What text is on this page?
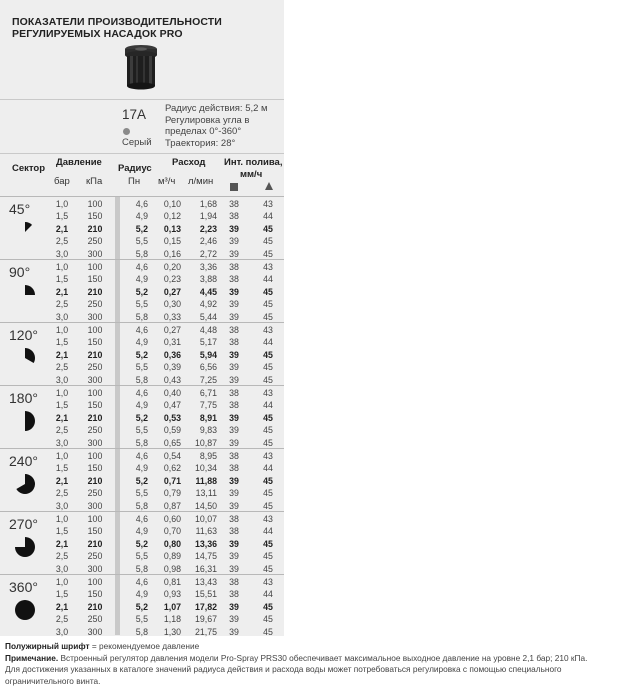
ПОКАЗАТЕЛИ ПРОИЗВОДИТЕЛЬНОСТИ
РЕГУЛИРУЕМЫХ НАСАДОК PRO
17A
Серый
Радиус действия: 5,2 м
Регулировка угла в
пределах 0°-360°
Траектория: 28°
Сектор
Давление
бар кПа
Радиус
Пн
Расход
м³/ч л/мин
Инт. полива,
мм/ч
45°	1,0	100	4,6	0,10	1,68	38	43
1,5	150	4,9	0,12	1,94	38	44
2,1	210	5,2	0,13	2,23	39	45
2,5	250	5,5	0,15	2,46	39	45
3,0	300	5,8	0,16	2,72	39	45
90°	1,0	100	4,6	0,20	3,36	38	43
1,5	150	4,9	0,23	3,88	38	44
2,1	210	5,2	0,27	4,45	39	45
2,5	250	5,5	0,30	4,92	39	45
3,0	300	5,8	0,33	5,44	39	45
120°	1,0	100	4,6	0,27	4,48	38	43
1,5	150	4,9	0,31	5,17	38	44
2,1	210	5,2	0,36	5,94	39	45
2,5	250	5,5	0,39	6,56	39	45
3,0	300	5,8	0,43	7,25	39	45
180°	1,0	100	4,6	0,40	6,71	38	43
1,5	150	4,9	0,47	7,75	38	44
2,1	210	5,2	0,53	8,91	39	45
2,5	250	5,5	0,59	9,83	39	45
3,0	300	5,8	0,65	10,87	39	45
240°	1,0	100	4,6	0,54	8,95	38	43
1,5	150	4,9	0,62	10,34	38	44
2,1	210	5,2	0,71	11,88	39	45
2,5	250	5,5	0,79	13,11	39	45
3,0	300	5,8	0,87	14,50	39	45
270°	1,0	100	4,6	0,60	10,07	38	43
1,5	150	4,9	0,70	11,63	38	44
2,1	210	5,2	0,80	13,36	39	45
2,5	250	5,5	0,89	14,75	39	45
3,0	300	5,8	0,98	16,31	39	45
360°	1,0	100	4,6	0,81	13,43	38	43
1,5	150	4,9	0,93	15,51	38	44
2,1	210	5,2	1,07	17,82	39	45
2,5	250	5,5	1,18	19,67	39	45
3,0	300	5,8	1,30	21,75	39	45
Полужирный шрифт = рекомендуемое давление
Примечание. Встроенный регулятор давления модели Pro-Spray PRS30 обеспечивает максимальное выходное давление на уровне 2,1 бар; 210 кПа.
Для достижения указанных в каталоге значений радиуса действия и расхода воды может потребоваться регулировка с помощью специального
ограничительного винта.
